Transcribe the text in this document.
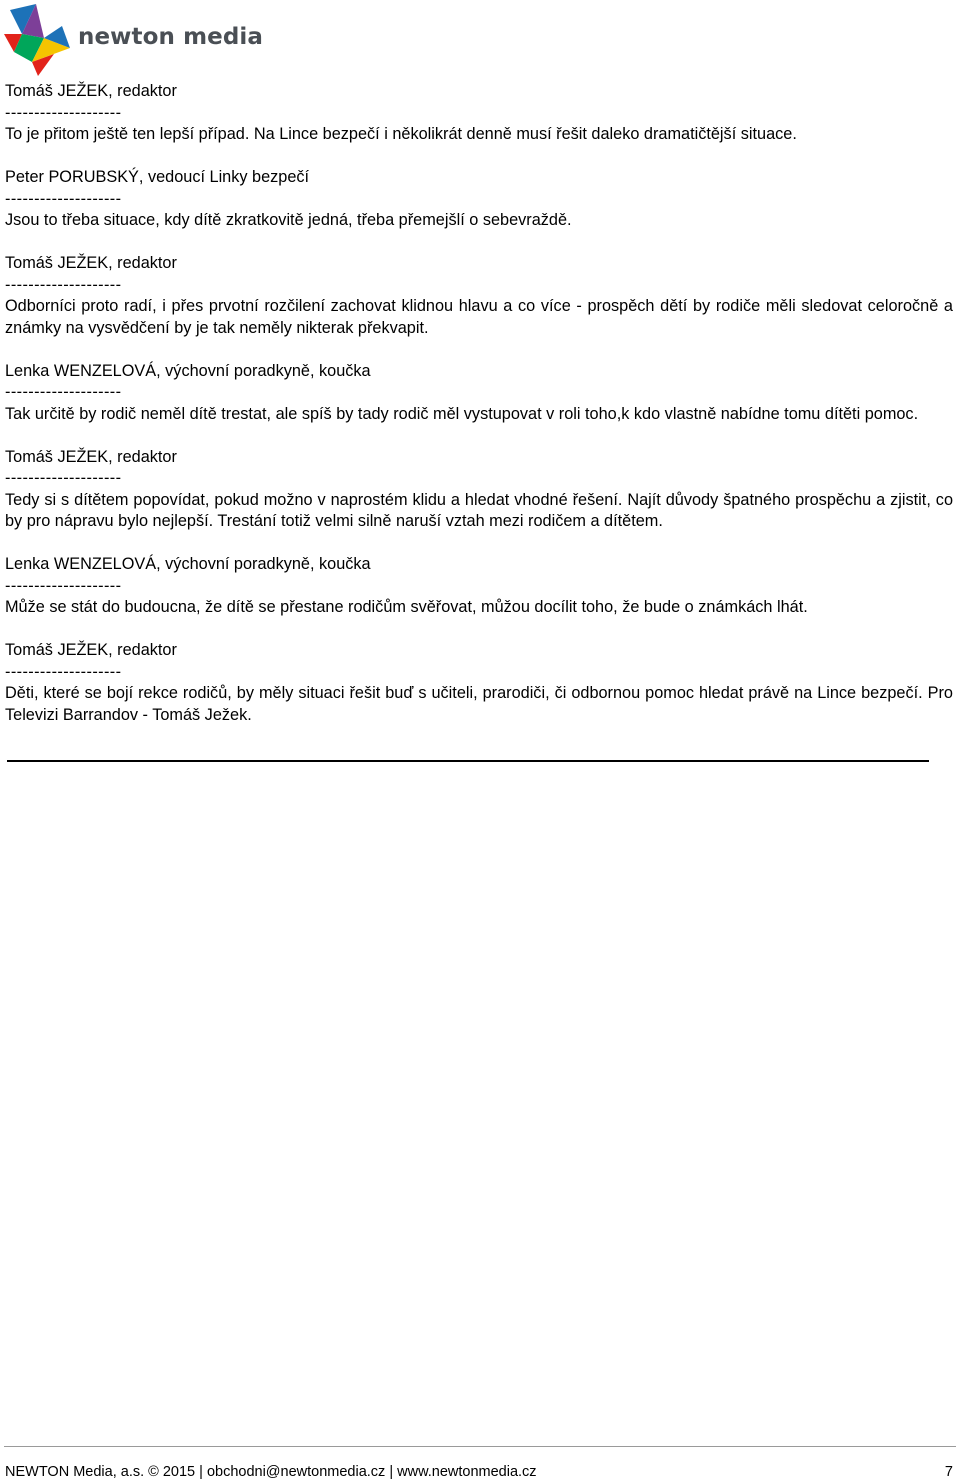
newton media

Tomáš JEŽEK, redaktor

--------------------

To je přitom ještě ten lepší případ. Na Lince bezpečí i několikrát denně musí řešit daleko dramatičtější situace.

Peter PORUBSKÝ, vedoucí Linky bezpečí

--------------------

Jsou to třeba situace, kdy dítě zkratkovitě jedná, třeba přemejšlí o sebevraždě.

Tomáš JEŽEK, redaktor

--------------------

Odborníci proto radí, i přes prvotní rozčilení zachovat klidnou hlavu a co více - prospěch dětí by rodiče měli sledovat celoročně a známky na vysvědčení by je tak neměly nikterak překvapit.

Lenka WENZELOVÁ, výchovní poradkyně, koučka

--------------------

Tak určitě by rodič neměl dítě trestat, ale spíš by tady rodič měl vystupovat v roli toho,k kdo vlastně nabídne tomu dítěti pomoc.

Tomáš JEŽEK, redaktor

--------------------

Tedy si s dítětem popovídat, pokud možno v naprostém klidu a hledat vhodné řešení. Najít důvody špatného prospěchu a zjistit, co by pro nápravu bylo nejlepší. Trestání totiž velmi silně naruší vztah mezi rodičem a dítětem.

Lenka WENZELOVÁ, výchovní poradkyně, koučka

--------------------

Může se stát do budoucna, že dítě se přestane rodičům svěřovat, můžou docílit toho, že bude o známkách lhát.

Tomáš JEŽEK, redaktor

--------------------

Děti, které se bojí rekce rodičů, by měly situaci řešit buď s učiteli, prarodiči, či odbornou pomoc hledat právě na Lince bezpečí. Pro Televizi Barrandov - Tomáš Ježek.

NEWTON Media, a.s. © 2015 | obchodni@newtonmedia.cz | www.newtonmedia.cz	7
